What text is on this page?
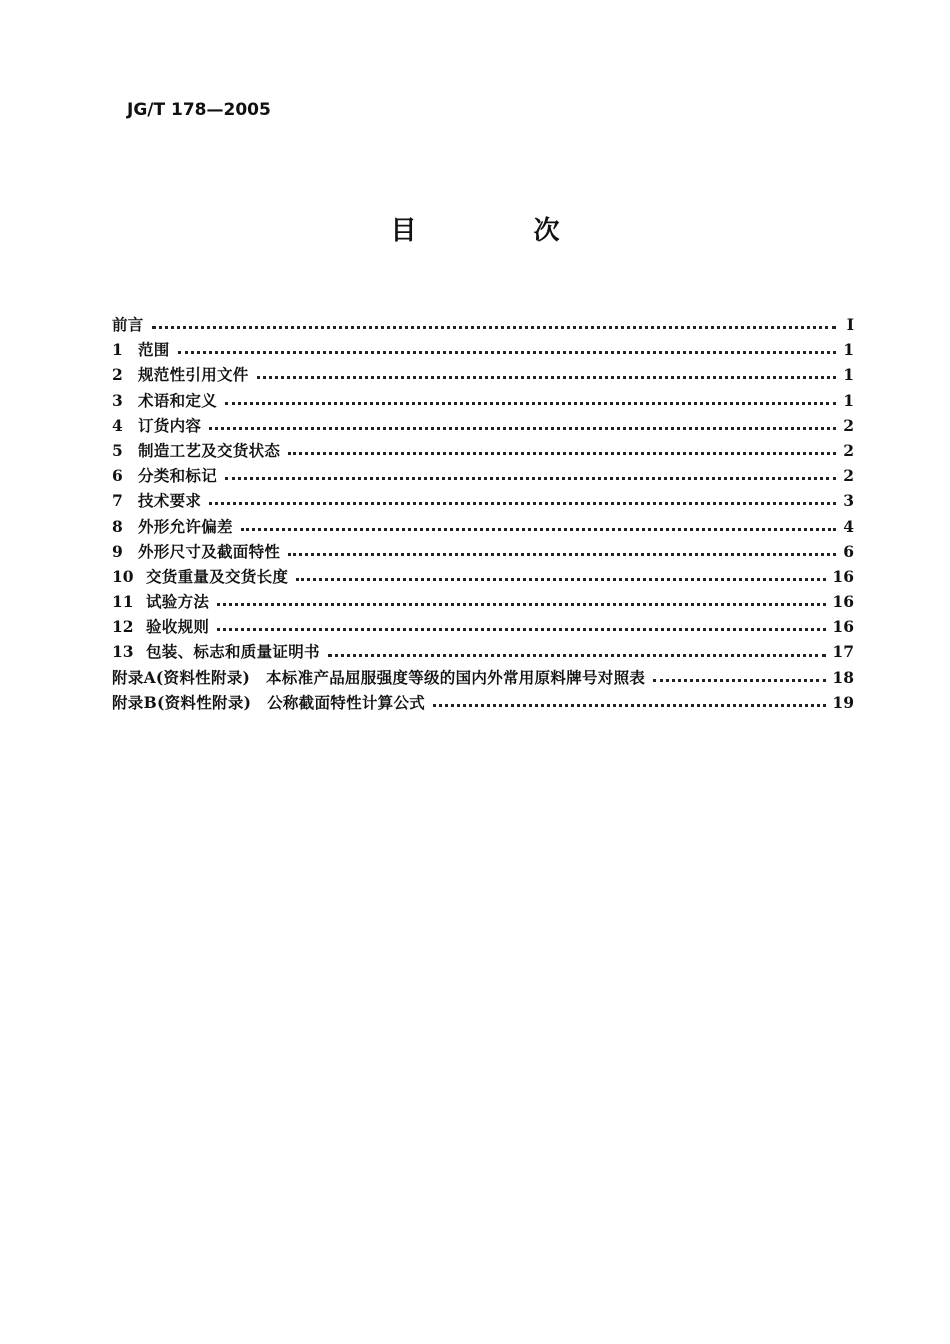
JG/T 178—2005
目 次
前言	I
1 范围	1
2 规范性引用文件	1
3 术语和定义	1
4 订货内容	2
5 制造工艺及交货状态	2
6 分类和标记	2
7 技术要求	3
8 外形允许偏差	4
9 外形尺寸及截面特性	6
10 交货重量及交货长度	16
11 试验方法	16
12 验收规则	16
13 包装、标志和质量证明书	17
附录A(资料性附录)　本标准产品屈服强度等级的国内外常用原料牌号对照表	18
附录B(资料性附录)　公称截面特性计算公式	19
